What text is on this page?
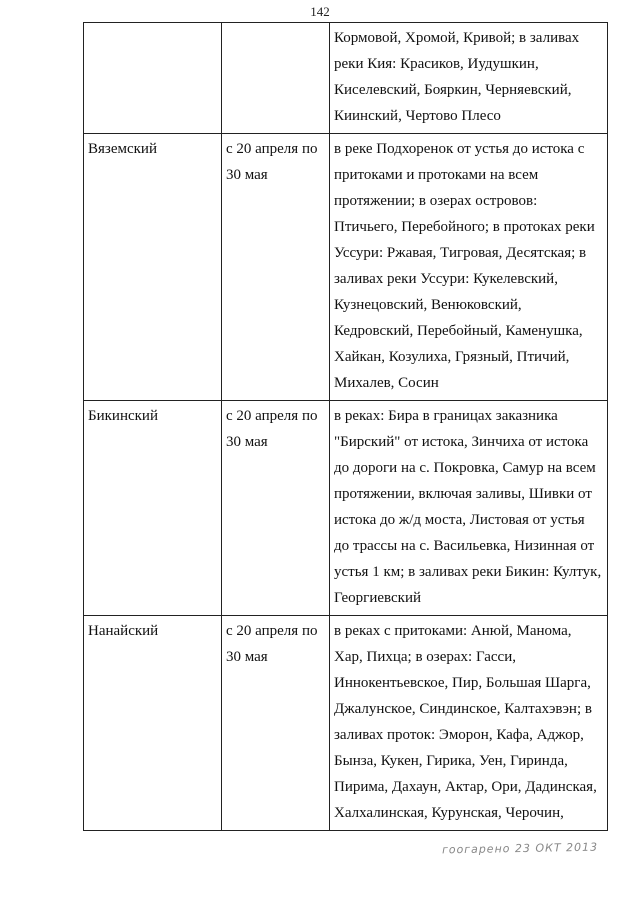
142
		Кормовой, Хромой, Кривой; в заливах реки Кия: Красиков, Иудушкин, Киселевский, Бояркин, Черняевский, Киинский, Чертово Плесо
Вяземский	с 20 апреля по 30 мая	в реке Подхоренок от устья до истока с притоками и протоками на всем протяжении; в озерах островов: Птичьего, Перебойного; в протоках реки Уссури: Ржавая, Тигровая, Десятская; в заливах реки Уссури: Кукелевский, Кузнецовский, Венюковский, Кедровский, Перебойный, Каменушка, Хайкан, Козулиха, Грязный, Птичий, Михалев, Сосин
Бикинский	с 20 апреля по 30 мая	в реках: Бира в границах заказника "Бирский" от истока, Зинчиха от истока до дороги на с. Покровка, Самур на всем протяжении, включая заливы, Шивки от истока до ж/д моста, Листовая от устья до трассы на с. Васильевка, Низинная от устья 1 км; в заливах реки Бикин: Култук, Георгиевский
Нанайский	с 20 апреля по 30 мая	в реках с притоками: Анюй, Манома, Хар, Пихца; в озерах: Гасси, Иннокентьевское, Пир, Большая Шарга, Джалунское, Синдинское, Калтахэвэн; в заливах проток: Эморон, Кафа, Аджор, Бынза, Кукен, Гирика, Уен, Гиринда, Пирима, Дахаун, Актар, Ори, Дадинская, Халхалинская, Курунская, Черочин,
гоогарено 23 ОКТ 2013
